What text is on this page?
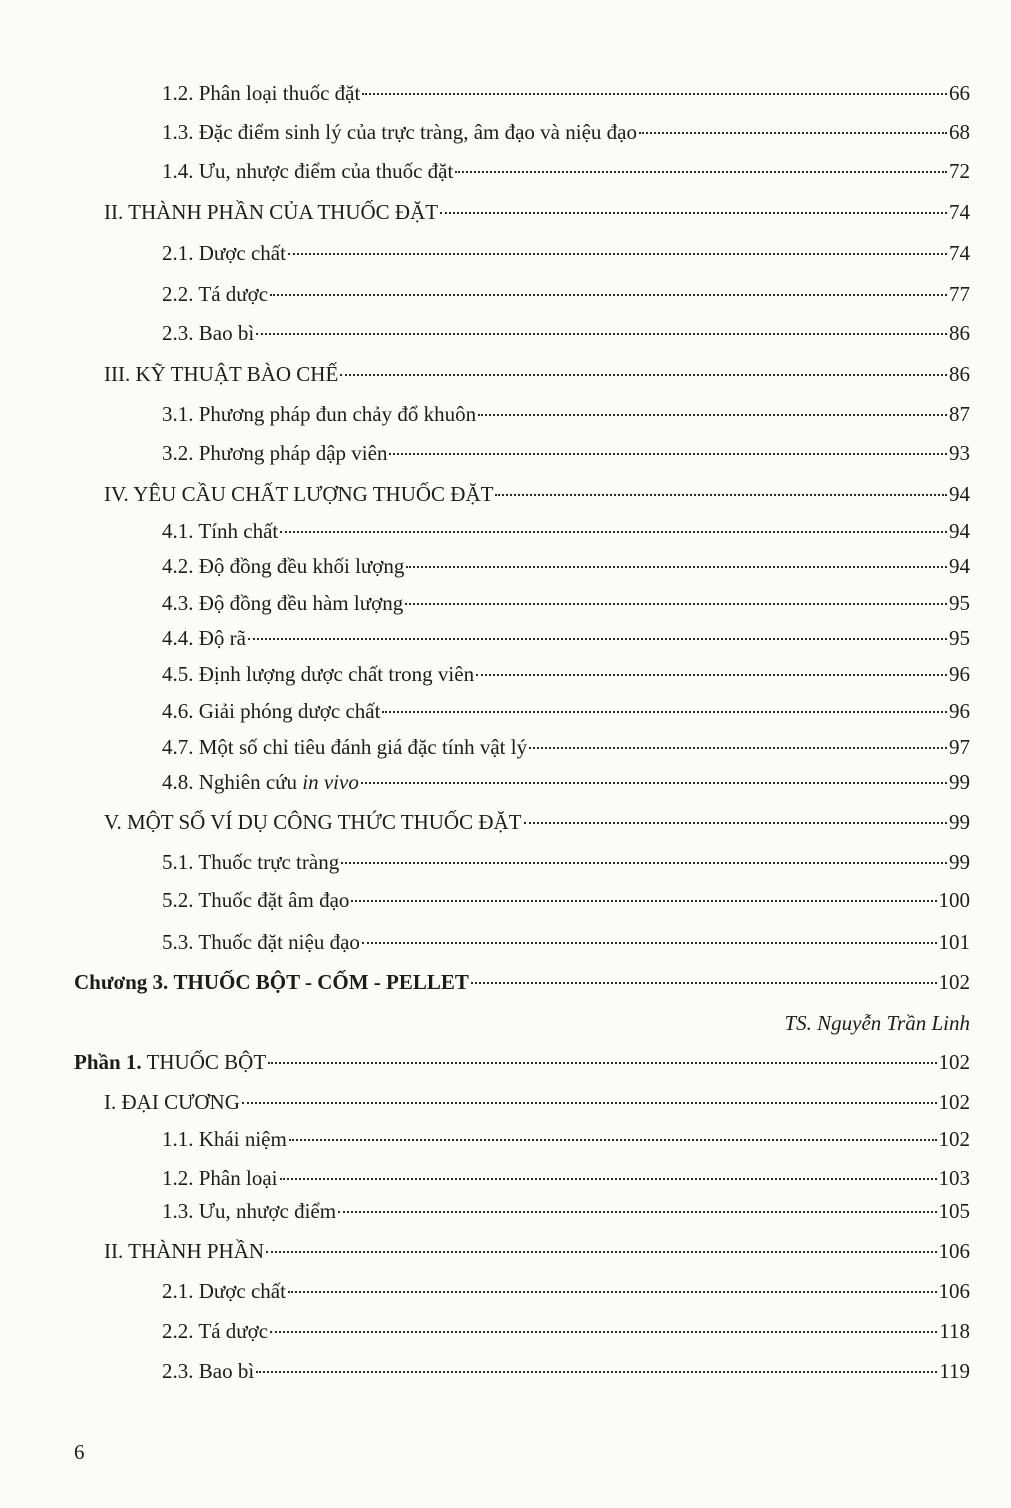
1.2. Phân loại thuốc đặt	66
1.3. Đặc điểm sinh lý của trực tràng, âm đạo và niệu đạo	68
1.4. Ưu, nhược điểm của thuốc đặt	72
II. THÀNH PHẦN CỦA THUỐC ĐẶT	74
2.1. Dược chất	74
2.2. Tá dược	77
2.3. Bao bì	86
III. KỸ THUẬT BÀO CHẾ	86
3.1. Phương pháp đun chảy đổ khuôn	87
3.2. Phương pháp dập viên	93
IV. YÊU CẦU CHẤT LƯỢNG THUỐC ĐẶT	94
4.1. Tính chất	94
4.2. Độ đồng đều khối lượng	94
4.3. Độ đồng đều hàm lượng	95
4.4. Độ rã	95
4.5. Định lượng dược chất trong viên	96
4.6. Giải phóng dược chất	96
4.7. Một số chỉ tiêu đánh giá đặc tính vật lý	97
4.8. Nghiên cứu in vivo	99
V. MỘT SỐ VÍ DỤ CÔNG THỨC THUỐC ĐẶT	99
5.1. Thuốc trực tràng	99
5.2. Thuốc đặt âm đạo	100
5.3. Thuốc đặt niệu đạo	101
Chương 3. THUỐC BỘT - CỐM - PELLET	102
Phần 1. THUỐC BỘT	102
I. ĐẠI CƯƠNG	102
1.1. Khái niệm	102
1.2. Phân loại	103
1.3. Ưu, nhược điểm	105
II. THÀNH PHẦN	106
2.1. Dược chất	106
2.2. Tá dược	118
2.3. Bao bì	119
TS. Nguyễn Trần Linh
6
